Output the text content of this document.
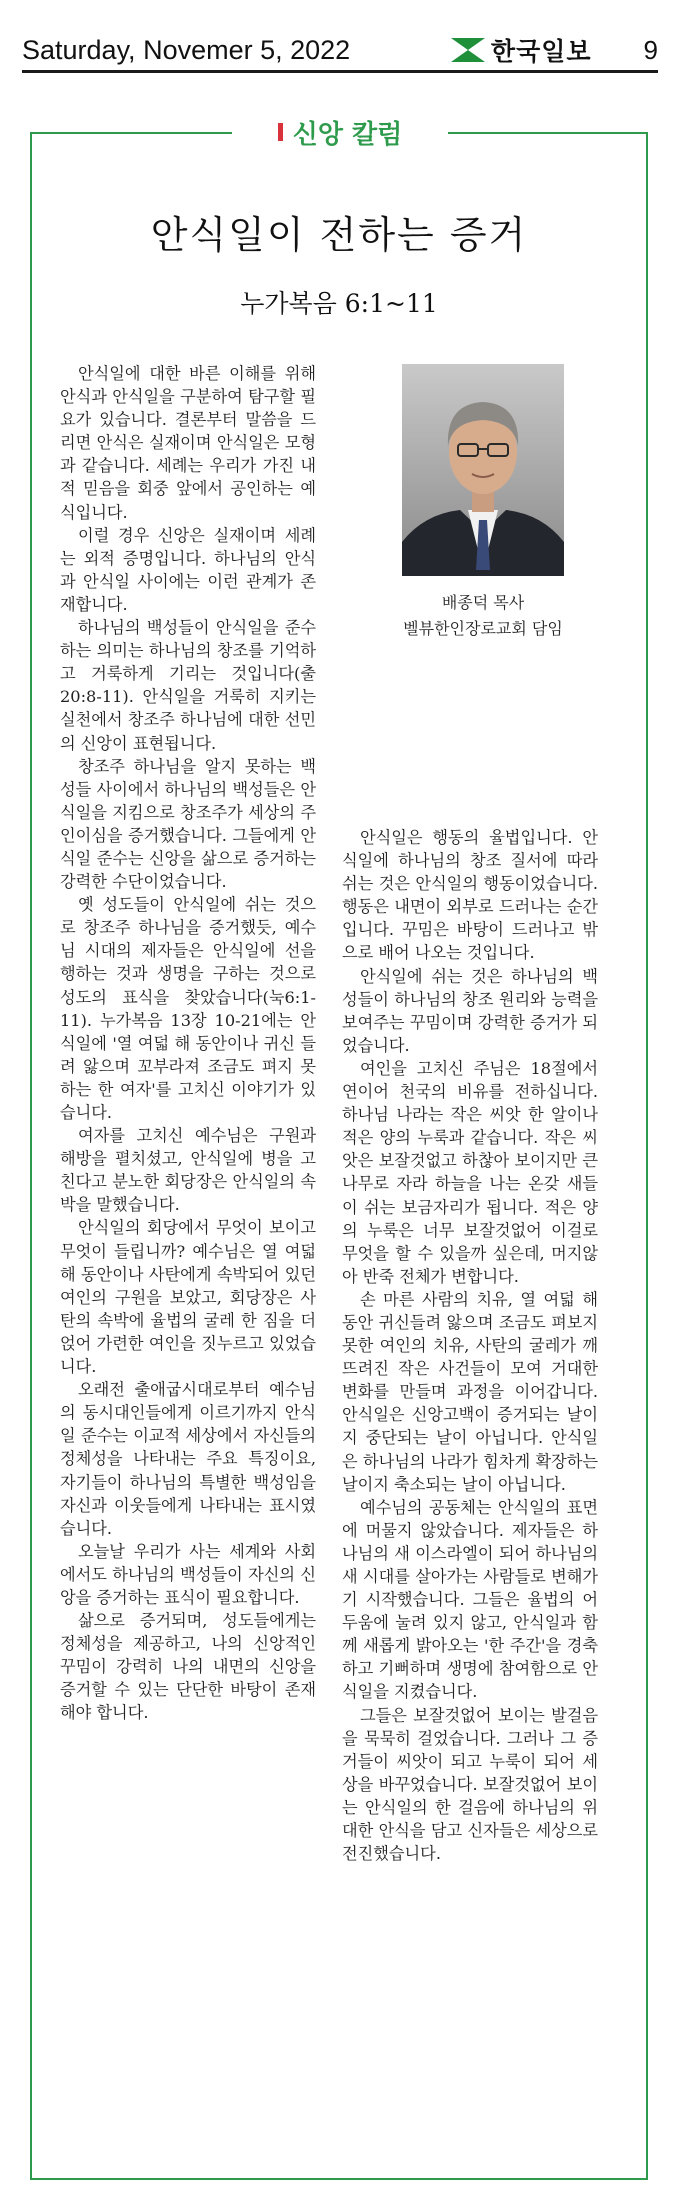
Saturday, Novemer 5, 2022	한국일보 9
신앙 칼럼
안식일이 전하는 증거
누가복음 6:1~11
배종덕 목사
벨뷰한인장로교회 담임

안식일에 대한 바른 이해를 위해 안식과 안식일을 구분하여 탐구할 필요가 있습니다. 결론부터 말씀을 드리면 안식은 실재이며 안식일은 모형과 같습니다. 세례는 우리가 가진 내적 믿음을 회중 앞에서 공인하는 예식입니다.

이럴 경우 신앙은 실재이며 세례는 외적 증명입니다. 하나님의 안식과 안식일 사이에는 이런 관계가 존재합니다.

하나님의 백성들이 안식일을 준수하는 의미는 하나님의 창조를 기억하고 거룩하게 기리는 것입니다(출20:8-11). 안식일을 거룩히 지키는 실천에서 창조주 하나님에 대한 선민의 신앙이 표현됩니다.

창조주 하나님을 알지 못하는 백성들 사이에서 하나님의 백성들은 안식일을 지킴으로 창조주가 세상의 주인이심을 증거했습니다. 그들에게 안식일 준수는 신앙을 삶으로 증거하는 강력한 수단이었습니다.

옛 성도들이 안식일에 쉬는 것으로 창조주 하나님을 증거했듯, 예수님 시대의 제자들은 안식일에 선을 행하는 것과 생명을 구하는 것으로 성도의 표식을 찾았습니다(눅6:1-11). 누가복음 13장 10-21에는 안식일에 '열 여덟 해 동안이나 귀신 들려 앓으며 꼬부라져 조금도 펴지 못하는 한 여자'를 고치신 이야기가 있습니다.

여자를 고치신 예수님은 구원과 해방을 펼치셨고, 안식일에 병을 고친다고 분노한 회당장은 안식일의 속박을 말했습니다.

안식일의 회당에서 무엇이 보이고 무엇이 들립니까? 예수님은 열 여덟 해 동안이나 사탄에게 속박되어 있던 여인의 구원을 보았고, 회당장은 사탄의 속박에 율법의 굴레 한 짐을 더 얹어 가련한 여인을 짓누르고 있었습니다.

오래전 출애굽시대로부터 예수님의 동시대인들에게 이르기까지 안식일 준수는 이교적 세상에서 자신들의 정체성을 나타내는 주요 특징이요, 자기들이 하나님의 특별한 백성임을 자신과 이웃들에게 나타내는 표시였습니다.

오늘날 우리가 사는 세계와 사회에서도 하나님의 백성들이 자신의 신앙을 증거하는 표식이 필요합니다.

삶으로 증거되며, 성도들에게는 정체성을 제공하고, 나의 신앙적인 꾸밈이 강력히 나의 내면의 신앙을 증거할 수 있는 단단한 바탕이 존재해야 합니다.

안식일은 행동의 율법입니다. 안식일에 하나님의 창조 질서에 따라 쉬는 것은 안식일의 행동이었습니다. 행동은 내면이 외부로 드러나는 순간입니다. 꾸밈은 바탕이 드러나고 밖으로 배어 나오는 것입니다.

안식일에 쉬는 것은 하나님의 백성들이 하나님의 창조 원리와 능력을 보여주는 꾸밈이며 강력한 증거가 되었습니다.

여인을 고치신 주님은 18절에서 연이어 천국의 비유를 전하십니다. 하나님 나라는 작은 씨앗 한 알이나 적은 양의 누룩과 같습니다. 작은 씨앗은 보잘것없고 하찮아 보이지만 큰 나무로 자라 하늘을 나는 온갖 새들이 쉬는 보금자리가 됩니다. 적은 양의 누룩은 너무 보잘것없어 이걸로 무엇을 할 수 있을까 싶은데, 머지않아 반죽 전체가 변합니다.

손 마른 사람의 치유, 열 여덟 해 동안 귀신들려 앓으며 조금도 펴보지 못한 여인의 치유, 사탄의 굴레가 깨뜨려진 작은 사건들이 모여 거대한 변화를 만들며 과정을 이어갑니다. 안식일은 신앙고백이 증거되는 날이지 중단되는 날이 아닙니다. 안식일은 하나님의 나라가 힘차게 확장하는 날이지 축소되는 날이 아닙니다.

예수님의 공동체는 안식일의 표면에 머물지 않았습니다. 제자들은 하나님의 새 이스라엘이 되어 하나님의 새 시대를 살아가는 사람들로 변해가기 시작했습니다. 그들은 율법의 어두움에 눌려 있지 않고, 안식일과 함께 새롭게 밝아오는 '한 주간'을 경축하고 기뻐하며 생명에 참여함으로 안식일을 지켰습니다.

그들은 보잘것없어 보이는 발걸음을 묵묵히 걸었습니다. 그러나 그 증거들이 씨앗이 되고 누룩이 되어 세상을 바꾸었습니다. 보잘것없어 보이는 안식일의 한 걸음에 하나님의 위대한 안식을 담고 신자들은 세상으로 전진했습니다.
